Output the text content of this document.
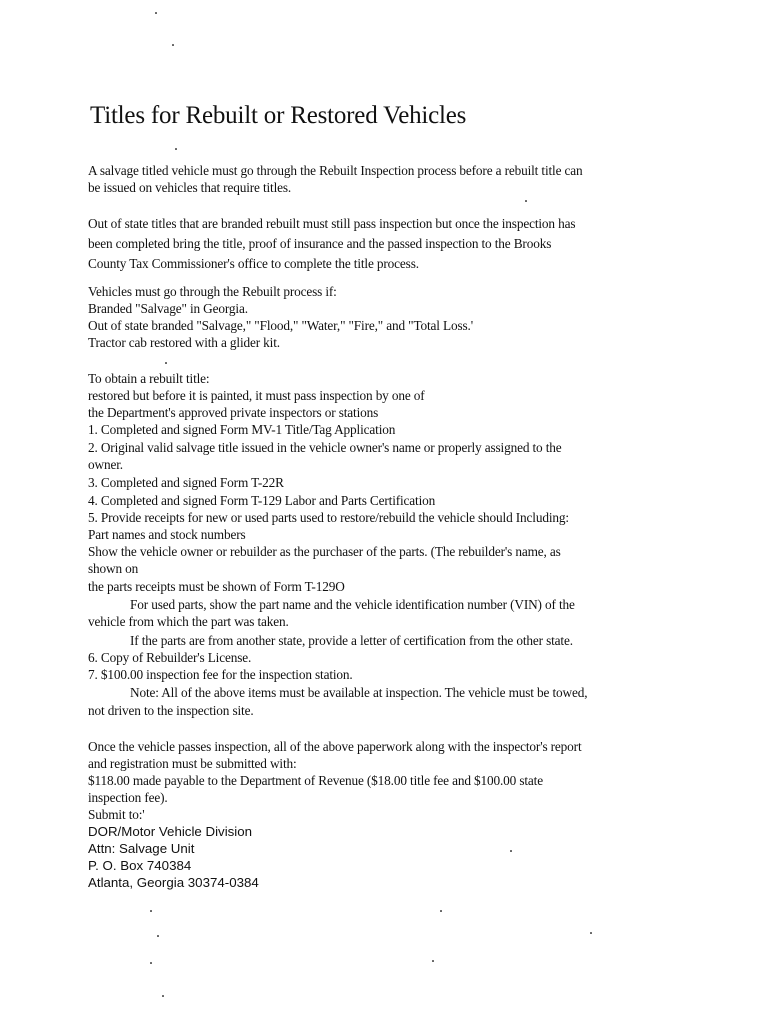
Titles for Rebuilt or Restored Vehicles
A salvage titled vehicle must go through the Rebuilt Inspection process before a rebuilt title can
be issued on vehicles that require titles.
Out of state titles that are branded rebuilt must still pass inspection but once the inspection has
been completed bring the title, proof of insurance and the passed inspection to the Brooks
County Tax Commissioner's office to complete the title process.
Vehicles must go through the Rebuilt process if:
Branded "Salvage" in Georgia.
Out of state branded "Salvage," "Flood," "Water," "Fire," and "Total Loss.'
Tractor cab restored with a glider kit.
To obtain a rebuilt title:
restored but before it is painted, it must pass inspection by one of
the Department's approved private inspectors or stations
1. Completed and signed Form MV-1 Title/Tag Application
2. Original valid salvage title issued in the vehicle owner's name or properly assigned to the
owner.
3. Completed and signed Form T-22R
4. Completed and signed Form T-129 Labor and Parts Certification
5. Provide receipts for new or used parts used to restore/rebuild the vehicle should Including:
Part names and stock numbers
Show the vehicle owner or rebuilder as the purchaser of the parts. (The rebuilder's name, as
shown on
the parts receipts must be shown of Form T-129O
For used parts, show the part name and the vehicle identification number (VIN) of the
vehicle from which the part was taken.
If the parts are from another state, provide a letter of certification from the other state.
6. Copy of Rebuilder's License.
7. $100.00 inspection fee for the inspection station.
Note: All of the above items must be available at inspection. The vehicle must be towed,
not driven to the inspection site.
Once the vehicle passes inspection, all of the above paperwork along with the inspector's report
and registration must be submitted with:
$118.00 made payable to the Department of Revenue ($18.00 title fee and $100.00 state
inspection fee).
Submit to:'
DOR/Motor Vehicle Division
Attn: Salvage Unit
P. O. Box 740384
Atlanta, Georgia 30374-0384
